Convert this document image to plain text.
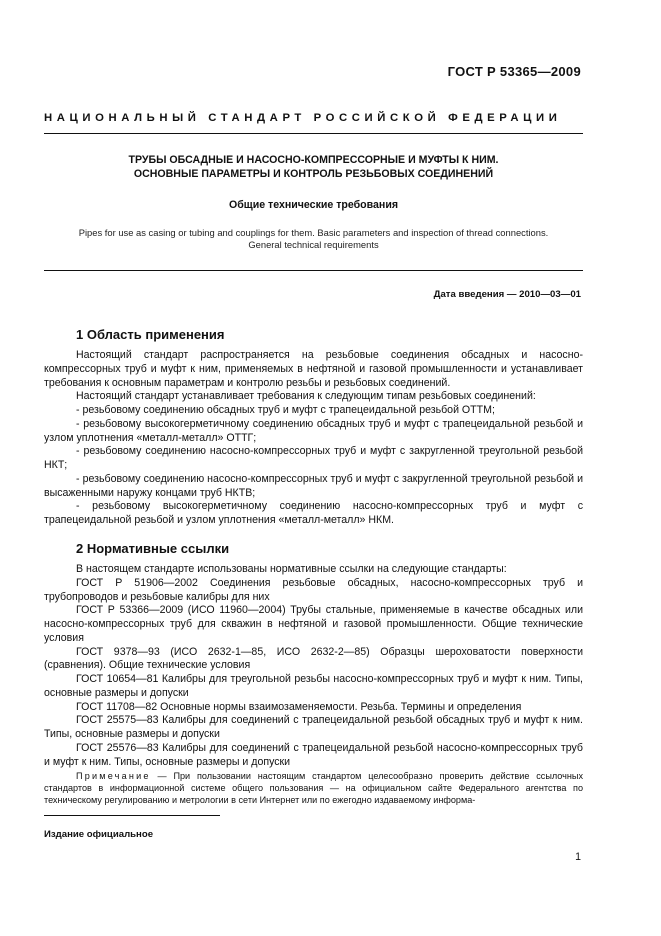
ГОСТ Р 53365—2009
НАЦИОНАЛЬНЫЙ СТАНДАРТ РОССИЙСКОЙ ФЕДЕРАЦИИ
ТРУБЫ ОБСАДНЫЕ И НАСОСНО-КОМПРЕССОРНЫЕ И МУФТЫ К НИМ.
ОСНОВНЫЕ ПАРАМЕТРЫ И КОНТРОЛЬ РЕЗЬБОВЫХ СОЕДИНЕНИЙ
Общие технические требования
Pipes for use as casing or tubing and couplings for them. Basic parameters and inspection of thread connections.
General technical requirements
Дата введения — 2010—03—01
1 Область применения

Настоящий стандарт распространяется на резьбовые соединения обсадных и насосно-компрессорных труб и муфт к ним, применяемых в нефтяной и газовой промышленности и устанавливает требования к основным параметрам и контролю резьбы и резьбовых соединений.

Настоящий стандарт устанавливает требования к следующим типам резьбовых соединений:

- резьбовому соединению обсадных труб и муфт с трапецеидальной резьбой ОТТМ;

- резьбовому высокогерметичному соединению обсадных труб и муфт с трапецеидальной резьбой и узлом уплотнения «металл-металл» ОТТГ;

- резьбовому соединению насосно-компрессорных труб и муфт с закругленной треугольной резьбой НКТ;

- резьбовому соединению насосно-компрессорных труб и муфт с закругленной треугольной резьбой и высаженными наружу концами труб НКТВ;

- резьбовому высокогерметичному соединению насосно-компрессорных труб и муфт с трапецеидальной резьбой и узлом уплотнения «металл-металл» НКМ.

2 Нормативные ссылки

В настоящем стандарте использованы нормативные ссылки на следующие стандарты:

ГОСТ Р 51906—2002 Соединения резьбовые обсадных, насосно-компрессорных труб и трубопроводов и резьбовые калибры для них

ГОСТ Р 53366—2009 (ИСО 11960—2004) Трубы стальные, применяемые в качестве обсадных или насосно-компрессорных труб для скважин в нефтяной и газовой промышленности. Общие технические условия

ГОСТ 9378—93 (ИСО 2632-1—85, ИСО 2632-2—85) Образцы шероховатости поверхности (сравнения). Общие технические условия

ГОСТ 10654—81 Калибры для треугольной резьбы насосно-компрессорных труб и муфт к ним. Типы, основные размеры и допуски

ГОСТ 11708—82 Основные нормы взаимозаменяемости. Резьба. Термины и определения

ГОСТ 25575—83 Калибры для соединений с трапецеидальной резьбой обсадных труб и муфт к ним. Типы, основные размеры и допуски

ГОСТ 25576—83 Калибры для соединений с трапецеидальной резьбой насосно-компрессорных труб и муфт к ним. Типы, основные размеры и допуски

Примечание — При пользовании настоящим стандартом целесообразно проверить действие ссылочных стандартов в информационной системе общего пользования — на официальном сайте Федерального агентства по техническому регулированию и метрологии в сети Интернет или по ежегодно издаваемому информа-
Издание официальное
1
